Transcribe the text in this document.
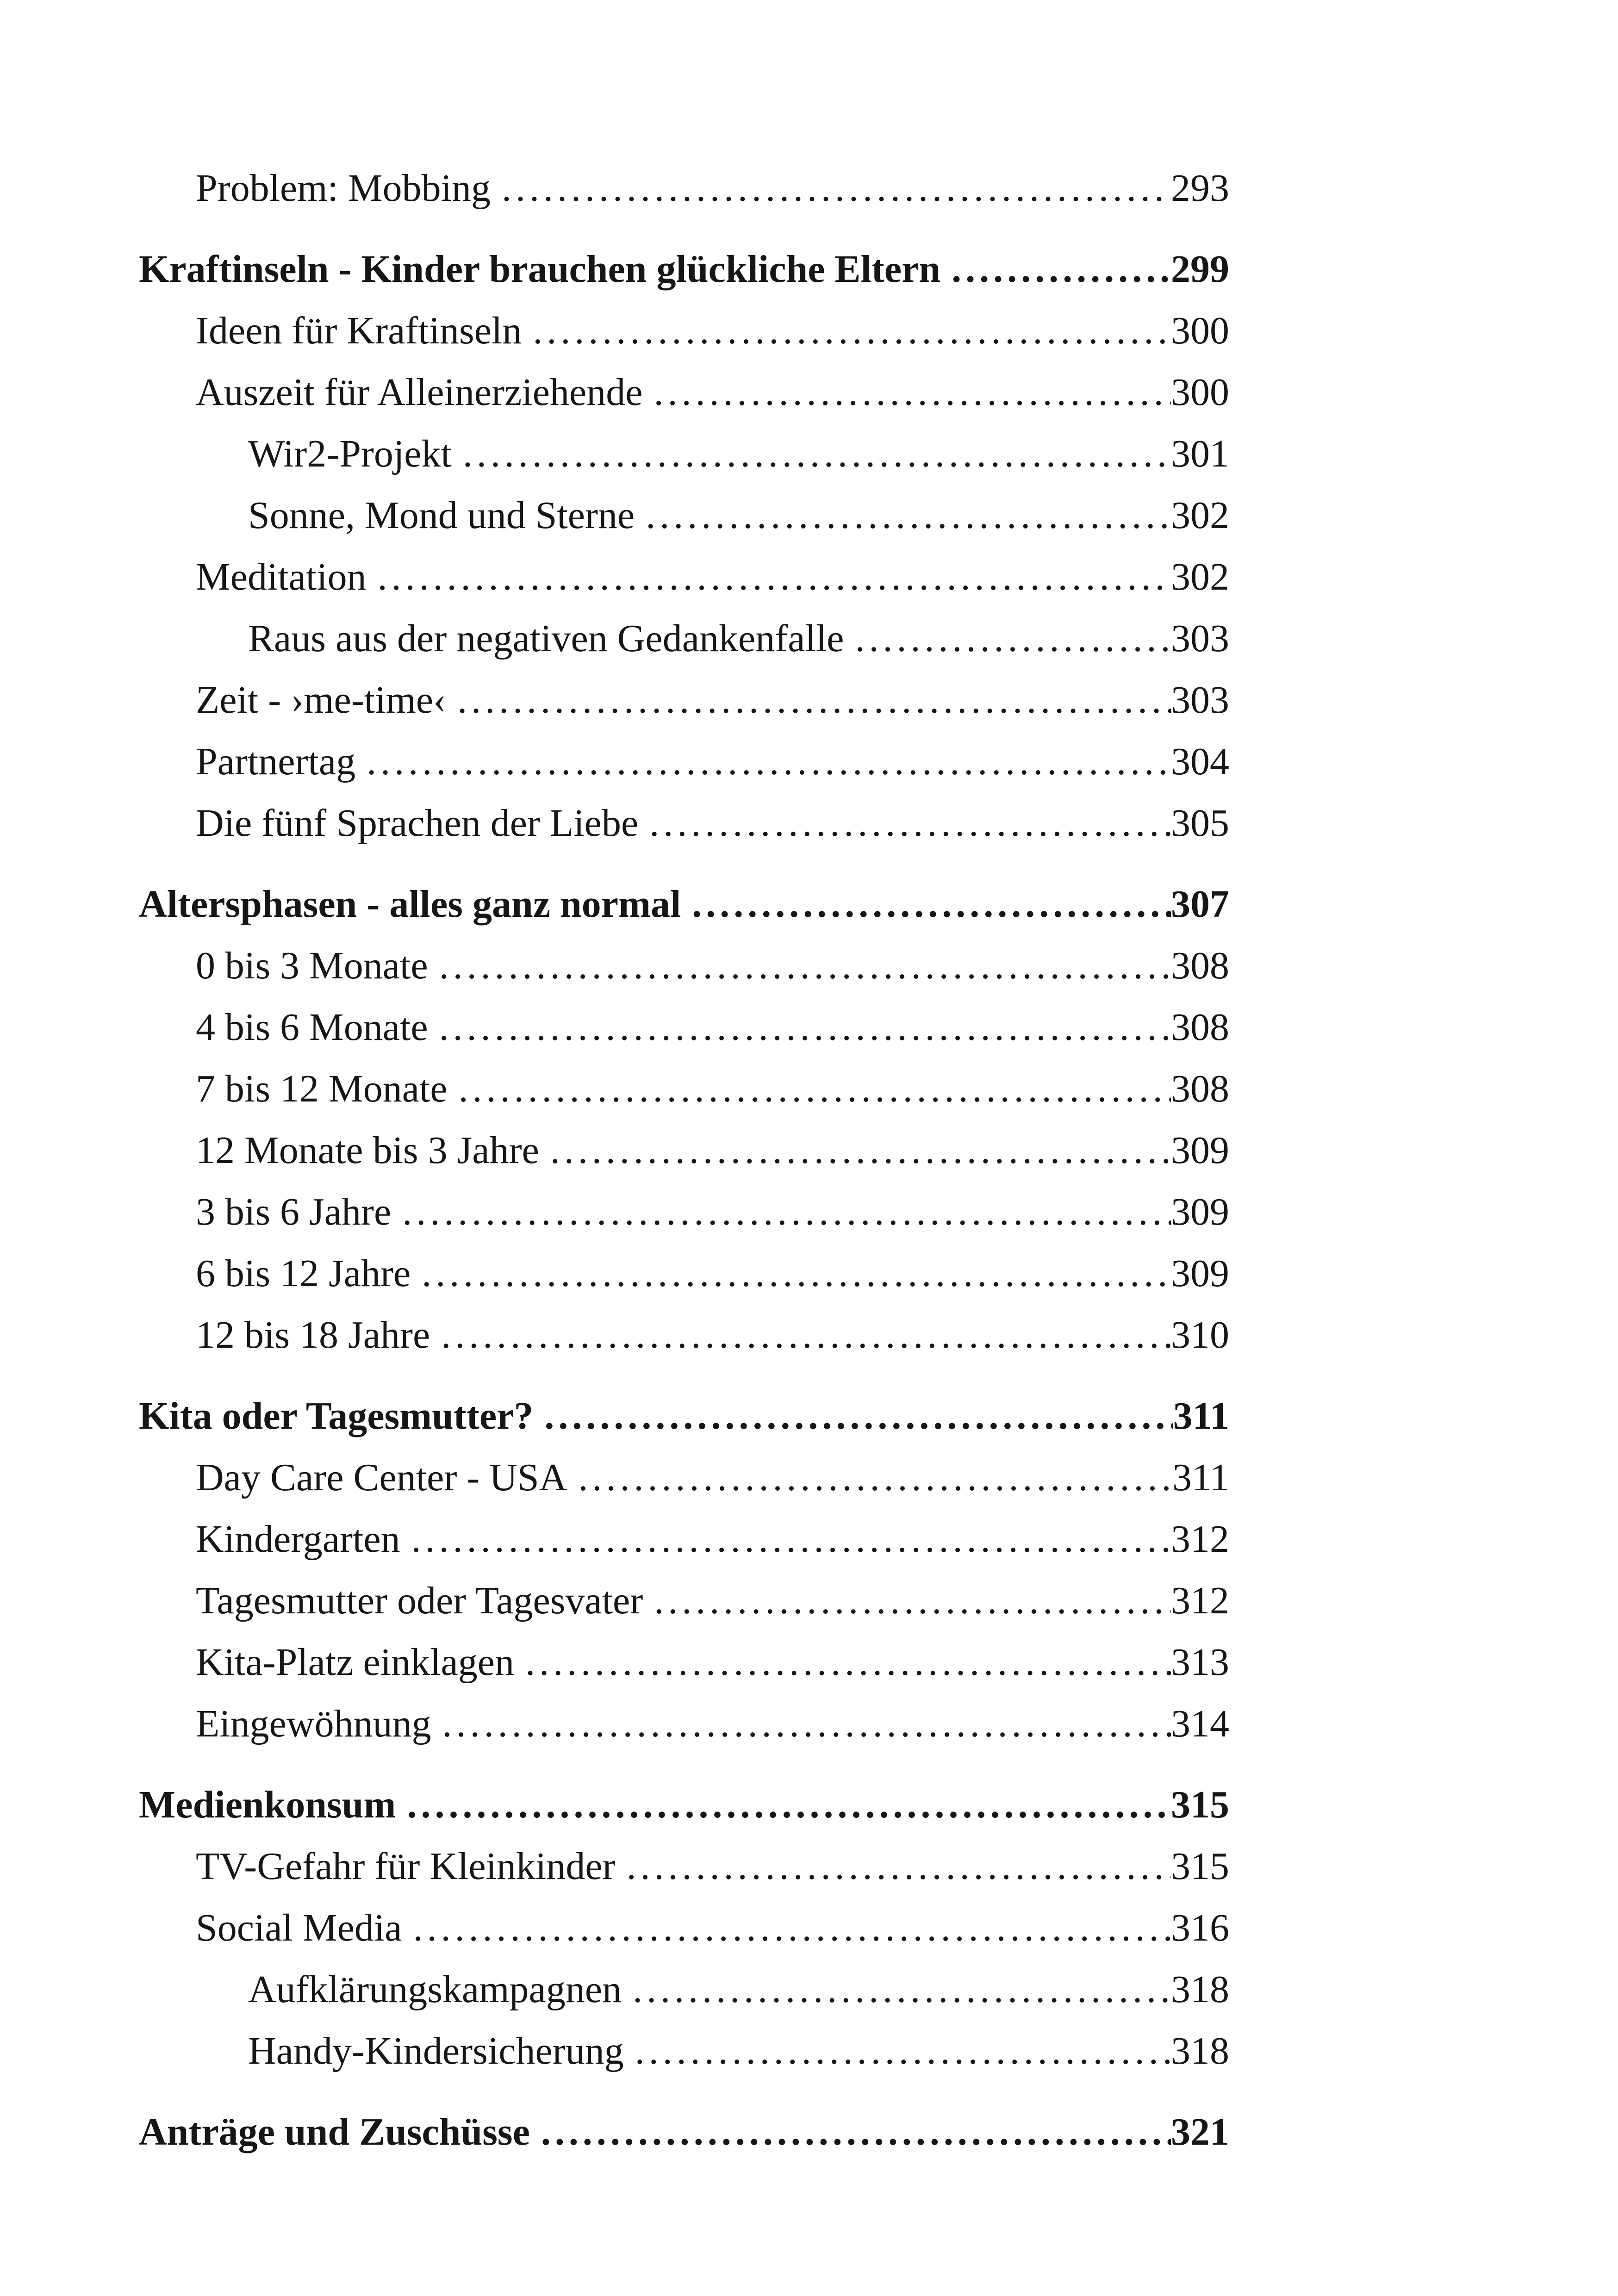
Problem: Mobbing .....	293
Kraftinseln - Kinder brauchen glückliche Eltern .....	299
Ideen für Kraftinseln .....	300
Auszeit für Alleinerziehende .....	300
Wir2-Projekt .....	301
Sonne, Mond und Sterne .....	302
Meditation .....	302
Raus aus der negativen Gedankenfalle .....	303
Zeit - ›me-time‹ .....	303
Partnertag .....	304
Die fünf Sprachen der Liebe .....	305
Altersphasen - alles ganz normal .....	307
0 bis 3 Monate .....	308
4 bis 6 Monate .....	308
7 bis 12 Monate .....	308
12 Monate bis 3 Jahre .....	309
3 bis 6 Jahre .....	309
6 bis 12 Jahre .....	309
12 bis 18 Jahre .....	310
Kita oder Tagesmutter? .....	311
Day Care Center - USA .....	311
Kindergarten .....	312
Tagesmutter oder Tagesvater .....	312
Kita-Platz einklagen .....	313
Eingewöhnung .....	314
Medienkonsum .....	315
TV-Gefahr für Kleinkinder .....	315
Social Media .....	316
Aufklärungskampagnen .....	318
Handy-Kindersicherung .....	318
Anträge und Zuschüsse .....	321
